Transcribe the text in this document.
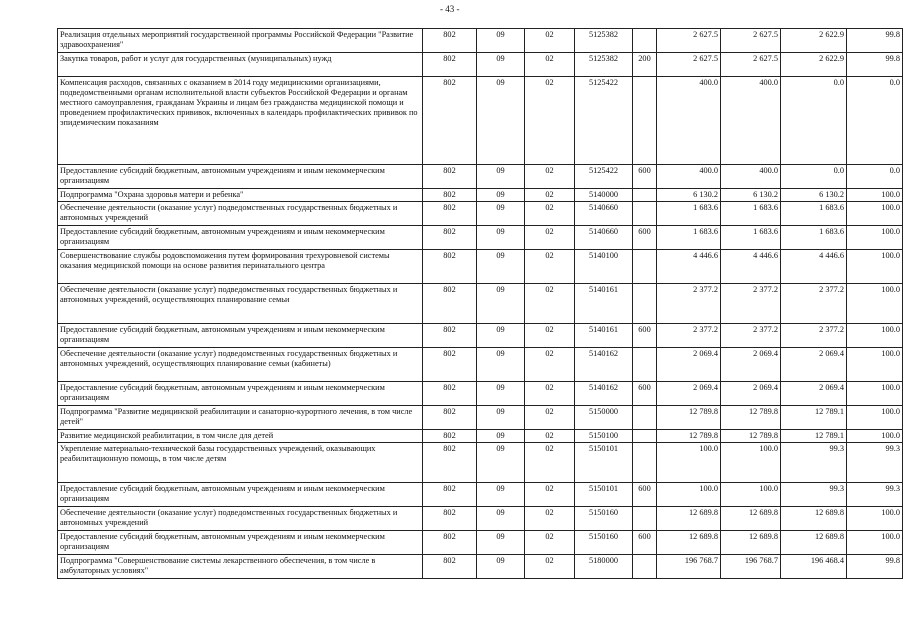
- 43 -
Реализация отдельных мероприятий государственной программы Российской Федерации "Развитие здравоохранения"	802	09	02	5125382		2 627.5	2 627.5	2 622.9	99.8
Закупка товаров, работ и услуг для государственных (муниципальных) нужд	802	09	02	5125382	200	2 627.5	2 627.5	2 622.9	99.8
Компенсация расходов, связанных с оказанием в 2014 году медицинскими организациями, подведомственными органам исполнительной власти субъектов Российской Федерации и органам местного самоуправления, гражданам Украины и лицам без гражданства медицинской помощи и проведением профилактических прививок, включенных в календарь профилактических прививок по эпидемическим показаниям	802	09	02	5125422		400.0	400.0	0.0	0.0
Предоставление субсидий бюджетным, автономным учреждениям и иным некоммерческим организациям	802	09	02	5125422	600	400.0	400.0	0.0	0.0
Подпрограмма "Охрана здоровья матери и ребенка"	802	09	02	5140000		6 130.2	6 130.2	6 130.2	100.0
Обеспечение деятельности (оказание услуг) подведомственных государственных бюджетных и автономных учреждений	802	09	02	5140660		1 683.6	1 683.6	1 683.6	100.0
Предоставление субсидий бюджетным, автономным учреждениям и иным некоммерческим организациям	802	09	02	5140660	600	1 683.6	1 683.6	1 683.6	100.0
Совершенствование службы родовспоможения путем формирования трехуровневой системы оказания медицинской помощи на основе развития перинатального центра	802	09	02	5140100		4 446.6	4 446.6	4 446.6	100.0
Обеспечение деятельности (оказание услуг) подведомственных государственных бюджетных и автономных учреждений, осуществляющих планирование семьи	802	09	02	5140161		2 377.2	2 377.2	2 377.2	100.0
Предоставление субсидий бюджетным, автономным учреждениям и иным некоммерческим организациям	802	09	02	5140161	600	2 377.2	2 377.2	2 377.2	100.0
Обеспечение деятельности (оказание услуг) подведомственных государственных бюджетных и автономных учреждений, осуществляющих планирование семьи (кабинеты)	802	09	02	5140162		2 069.4	2 069.4	2 069.4	100.0
Предоставление субсидий бюджетным, автономным учреждениям и иным некоммерческим организациям	802	09	02	5140162	600	2 069.4	2 069.4	2 069.4	100.0
Подпрограмма "Развитие медицинской реабилитации и санаторно-курортного лечения, в том числе детей"	802	09	02	5150000		12 789.8	12 789.8	12 789.1	100.0
Развитие медицинской реабилитации, в том числе для детей	802	09	02	5150100		12 789.8	12 789.8	12 789.1	100.0
Укрепление материально-технической базы государственных учреждений, оказывающих реабилитационную помощь, в том числе детям	802	09	02	5150101		100.0	100.0	99.3	99.3
Предоставление субсидий бюджетным, автономным учреждениям и иным некоммерческим организациям	802	09	02	5150101	600	100.0	100.0	99.3	99.3
Обеспечение деятельности (оказание услуг) подведомственных государственных бюджетных и автономных учреждений	802	09	02	5150160		12 689.8	12 689.8	12 689.8	100.0
Предоставление субсидий бюджетным, автономным учреждениям и иным некоммерческим организациям	802	09	02	5150160	600	12 689.8	12 689.8	12 689.8	100.0
Подпрограмма "Совершенствование системы лекарственного обеспечения, в том числе в амбулаторных условиях"	802	09	02	5180000		196 768.7	196 768.7	196 468.4	99.8
